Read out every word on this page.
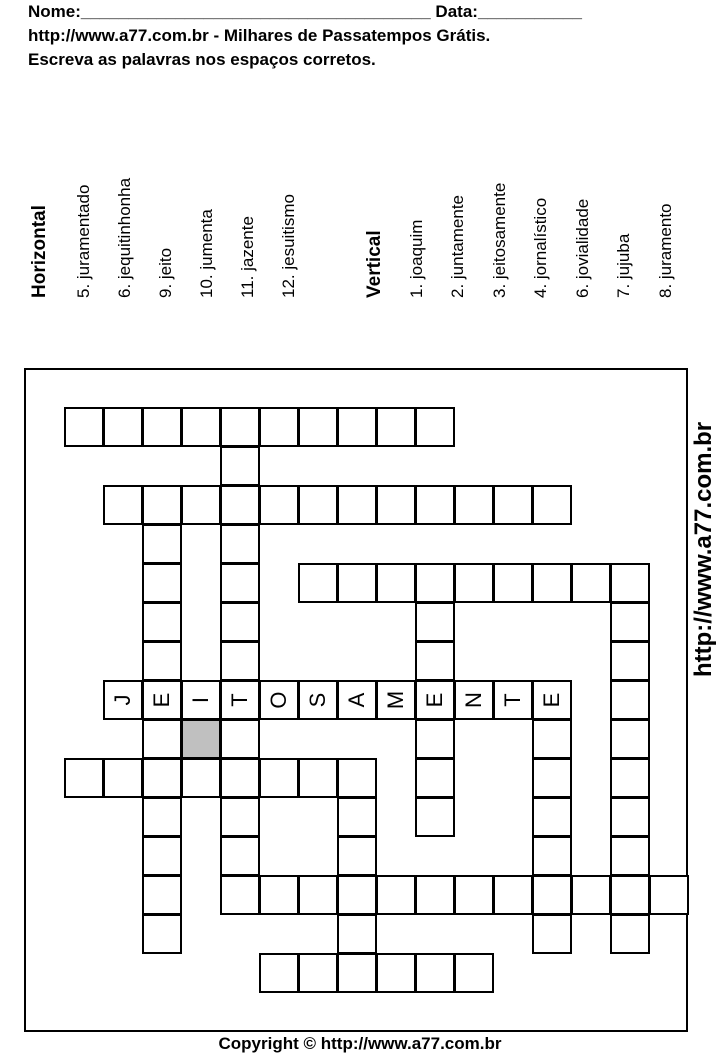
Nome:_____________________________________ Data:___________
http://www.a77.com.br - Milhares de Passatempos Grátis.
Escreva as palavras nos espaços corretos.
Horizontal 5. juramentado 6. jequitinhonha 9. jeito 10. jumenta 11. jazente 12. jesuitismo	Vertical 1. joaquim 2. juntamente 3. jeitosamente 4. jornalístico 6. jovialidade 7. jujuba 8. juramento
J E I T O S A M E N T E
http://www.a77.com.br
Copyright © http://www.a77.com.br
